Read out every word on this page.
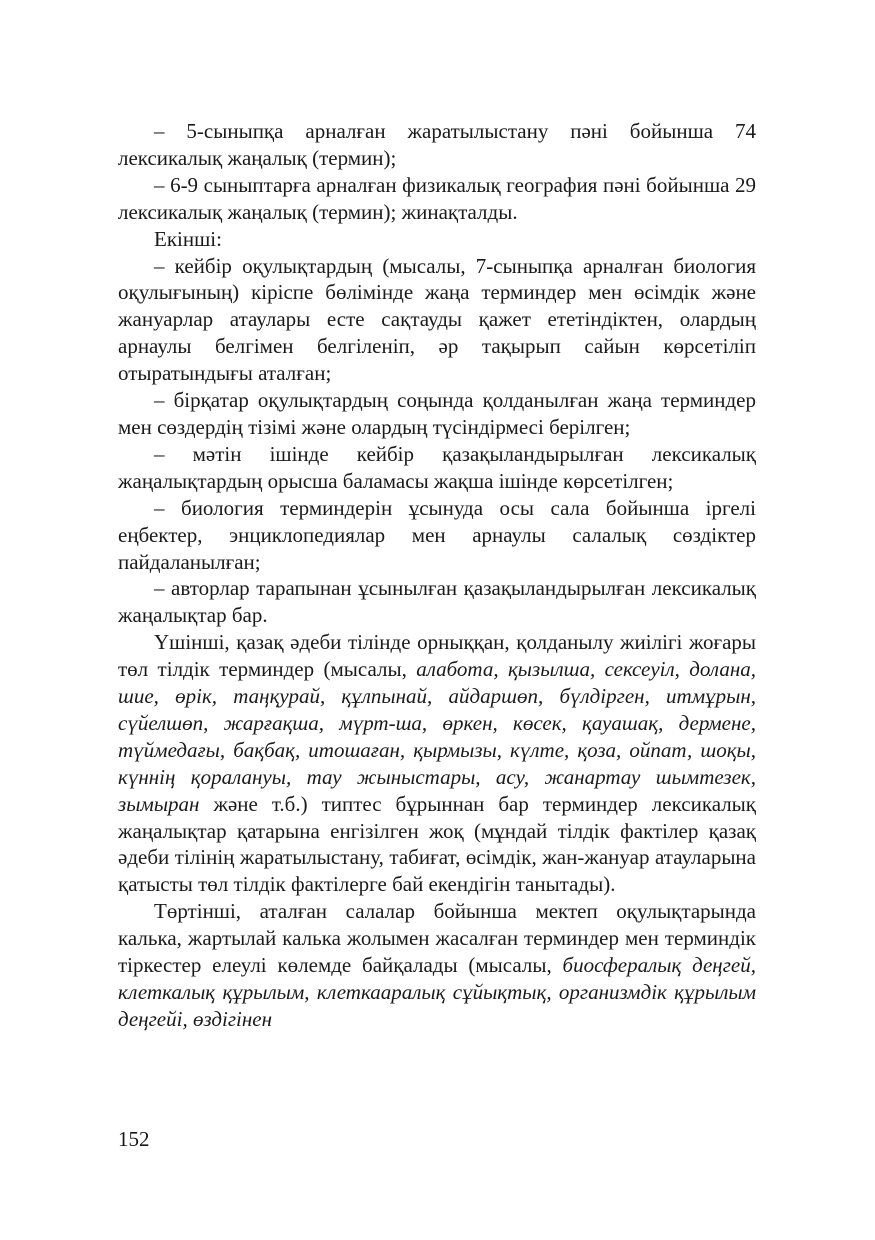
– 5-сыныпқа арналған жаратылыстану пәні бойынша 74 лексикалық жаңалық (термин);

– 6-9 сыныптарға арналған физикалық география пәні бойынша 29 лексикалық жаңалық (термин); жинақталды.

Екінші:

– кейбір оқулықтардың (мысалы, 7-сыныпқа арналған биология оқулығының) кіріспе бөлімінде жаңа терминдер мен өсімдік және жануарлар атаулары есте сақтауды қажет ететіндіктен, олардың арнаулы белгімен белгіленіп, әр тақырып сайын көрсетіліп отыратындығы аталған;

– бірқатар оқулықтардың соңында қолданылған жаңа терминдер мен сөздердің тізімі және олардың түсіндірмесі берілген;

– мәтін ішінде кейбір қазақыландырылған лексикалық жаңалықтардың орысша баламасы жақша ішінде көрсетілген;

– биология терминдерін ұсынуда осы сала бойынша іргелі еңбектер, энциклопедиялар мен арнаулы салалық сөздіктер пайдаланылған;

– авторлар тарапынан ұсынылған қазақыландырылған лексикалық жаңалықтар бар.

Үшінші, қазақ әдеби тілінде орныққан, қолданылу жиілігі жоғары төл тілдік терминдер (мысалы, алабота, қызылша, сексеуіл, долана, шие, өрік, таңқурай, құлпынай, айдаршөп, бүлдірген, итмұрын, сүйелшөп, жарғақша, мүрт-ша, өркен, көсек, қауашақ, дермене, түймедағы, бақбақ, итошаған, қырмызы, күлте, қоза, ойпат, шоқы, күннің қоралануы, тау жыныстары, асу, жанартау шымтезек, зымыран және т.б.) типтес бұрыннан бар терминдер лексикалық жаңалықтар қатарына енгізілген жоқ (мұндай тілдік фактілер қазақ әдеби тілінің жаратылыстану, табиғат, өсімдік, жан-жануар атауларына қатысты төл тілдік фактілерге бай екендігін танытады).

Төртінші, аталған салалар бойынша мектеп оқулықтарында калька, жартылай калька жолымен жасалған терминдер мен терминдік тіркестер елеулі көлемде байқалады (мысалы, биосфералық деңгей, клеткалық құрылым, клеткааралық сұйықтық, организмдік құрылым деңгейі, өздігінен

152
